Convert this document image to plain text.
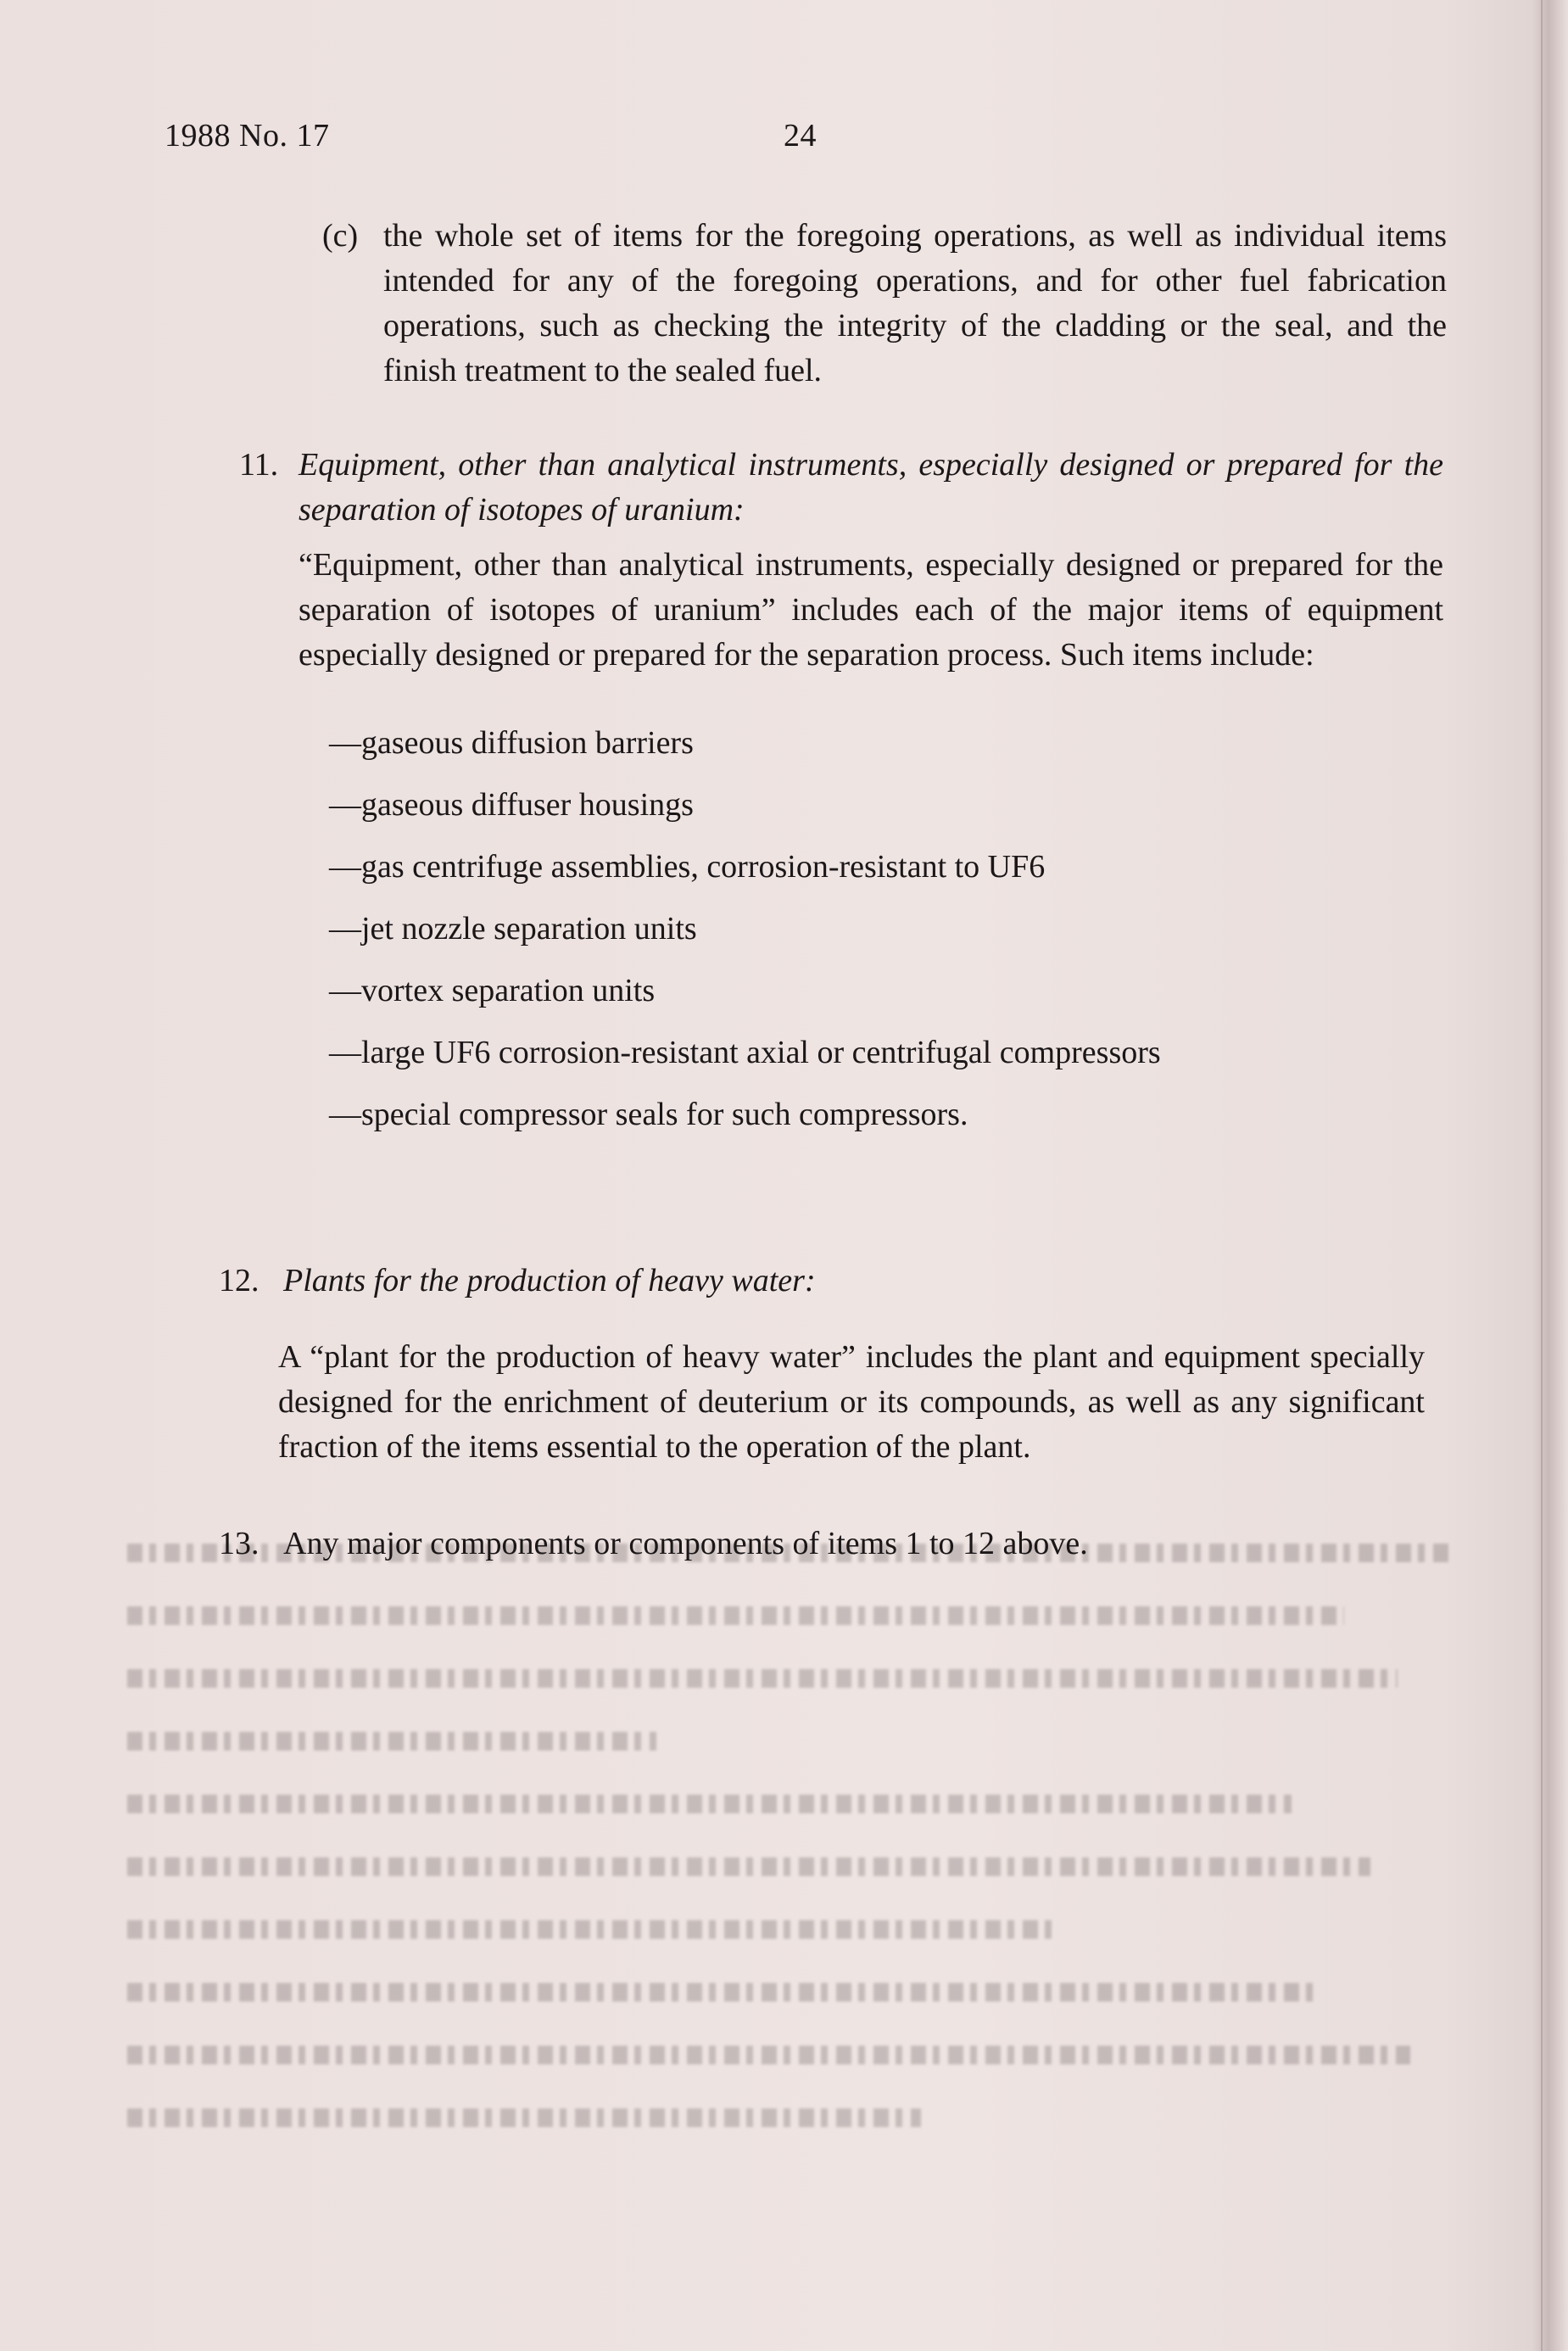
1988 No. 17	24
(c) the whole set of items for the foregoing operations, as well as individual items intended for any of the foregoing operations, and for other fuel fabrication operations, such as checking the integrity of the cladding or the seal, and the finish treatment to the sealed fuel.

11. Equipment, other than analytical instruments, especially designed or prepared for the separation of isotopes of uranium:
“Equipment, other than analytical instruments, especially designed or prepared for the separation of isotopes of uranium” includes each of the major items of equipment especially designed or prepared for the separation process. Such items include:
—gaseous diffusion barriers
—gaseous diffuser housings
—gas centrifuge assemblies, corrosion-resistant to UF6
—jet nozzle separation units
—vortex separation units
—large UF6 corrosion-resistant axial or centrifugal compressors
—special compressor seals for such compressors.
12. Plants for the production of heavy water:
A “plant for the production of heavy water” includes the plant and equipment specially designed for the enrichment of deuterium or its compounds, as well as any significant fraction of the items essential to the operation of the plant.
13. Any major components or components of items 1 to 12 above.
